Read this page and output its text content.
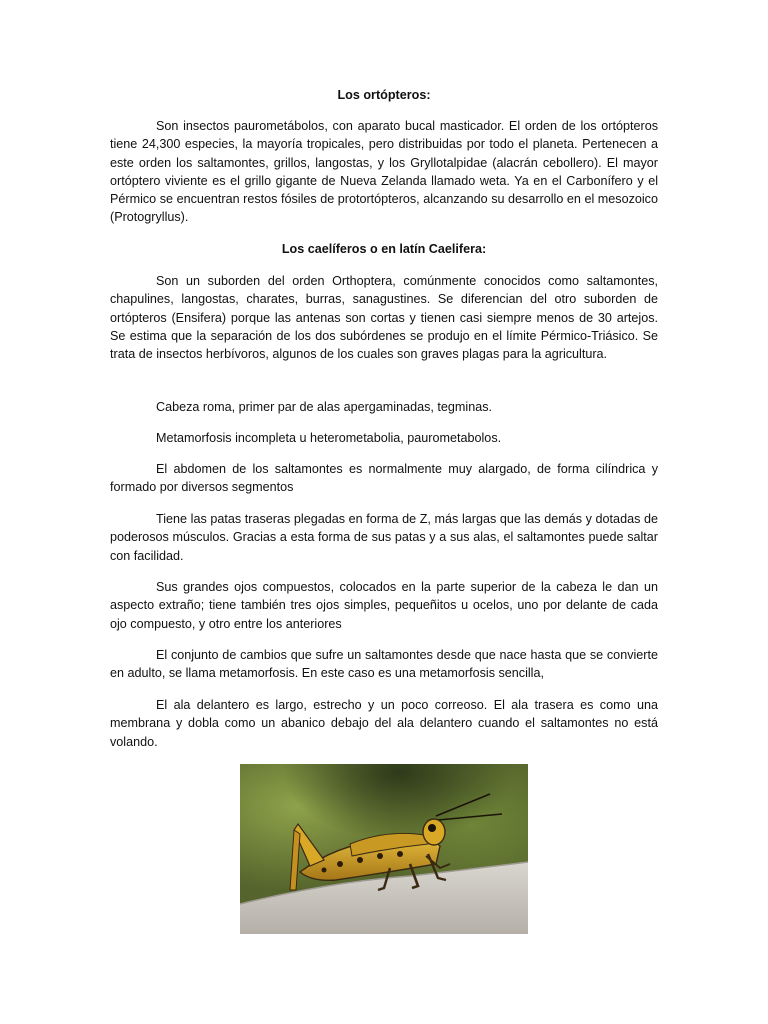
Los ortópteros:

Son insectos paurometábolos, con aparato bucal masticador. El orden de los ortópteros tiene 24,300 especies, la mayoría tropicales, pero distribuidas por todo el planeta. Pertenecen a este orden los saltamontes, grillos, langostas, y los Gryllotalpidae (alacrán cebollero). El mayor ortóptero viviente es el grillo gigante de Nueva Zelanda llamado weta. Ya en el Carbonífero y el Pérmico se encuentran restos fósiles de protortópteros, alcanzando su desarrollo en el mesozoico (Protogryllus).

Los caelíferos o en latín Caelifera:

Son un suborden del orden Orthoptera, comúnmente conocidos como saltamontes, chapulines, langostas, charates, burras, sanagustines. Se diferencian del otro suborden de ortópteros (Ensifera) porque las antenas son cortas y tienen casi siempre menos de 30 artejos. Se estima que la separación de los dos subórdenes se produjo en el límite Pérmico-Triásico. Se trata de insectos herbívoros, algunos de los cuales son graves plagas para la agricultura.

Cabeza roma, primer par de alas apergaminadas, tegminas.

Metamorfosis incompleta u heterometabolia, paurometabolos.

El abdomen de los saltamontes es normalmente muy alargado, de forma cilíndrica y formado por diversos segmentos

Tiene las patas traseras plegadas en forma de Z, más largas que las demás y dotadas de poderosos músculos. Gracias a esta forma de sus patas y a sus alas, el saltamontes puede saltar con facilidad.

Sus grandes ojos compuestos, colocados en la parte superior de la cabeza le dan un aspecto extraño; tiene también tres ojos simples, pequeñitos u ocelos, uno por delante de cada ojo compuesto, y otro entre los anteriores

El conjunto de cambios que sufre un saltamontes desde que nace hasta que se convierte en adulto, se llama metamorfosis. En este caso es una metamorfosis sencilla,

El ala delantero es largo, estrecho y un poco correoso. El ala trasera es como una membrana y dobla como un abanico debajo del ala delantero cuando el saltamontes no está volando.
